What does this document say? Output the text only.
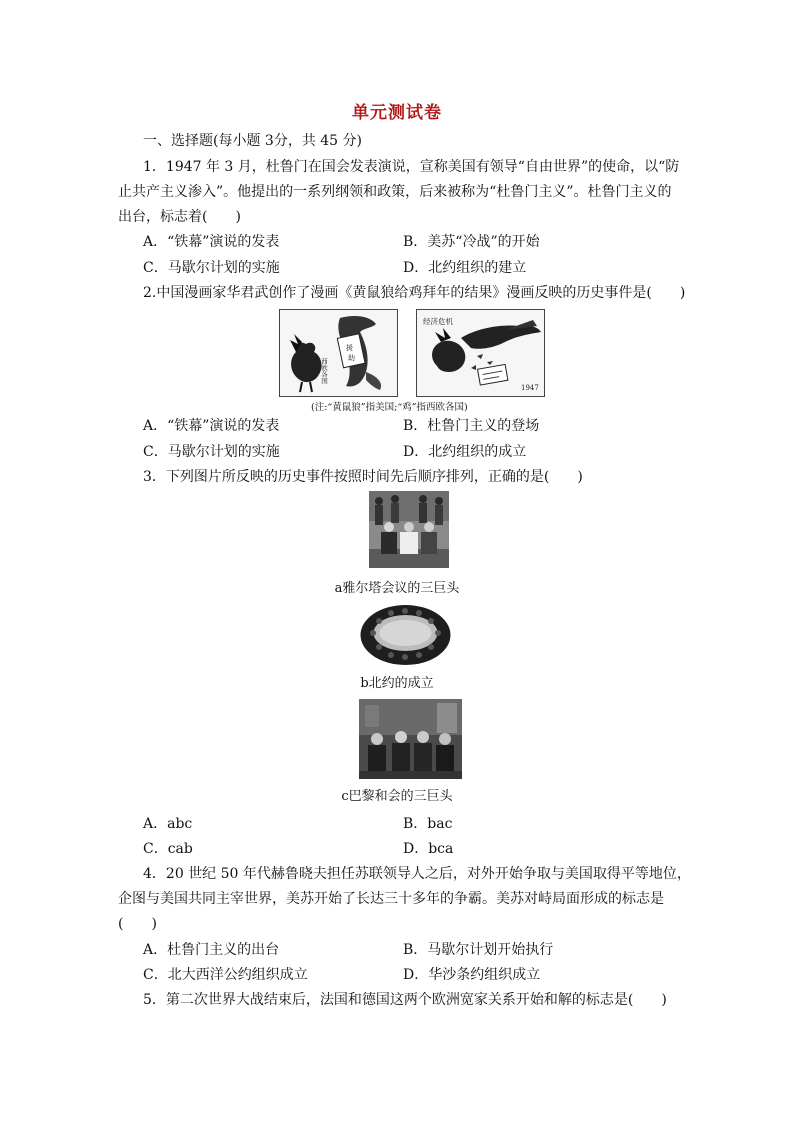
单元测试卷
一、选择题(每小题 3分，共 45 分)
1．1947 年 3 月，杜鲁门在国会发表演说，宣称美国有领导“自由世界”的使命，以“防
止共产主义渗入”。他提出的一系列纲领和政策，后来被称为“杜鲁门主义”。杜鲁门主义的
出台，标志着(　　)
A．“铁幕”演说的发表	B．美苏“冷战”的开始
C．马歇尔计划的实施	D．北约组织的建立
2.中国漫画家华君武创作了漫画《黄鼠狼给鸡拜年的结果》漫画反映的历史事件是(　　)
援
助
西欧各国
经济危机
1947
(注:“黄鼠狼”指美国;“鸡”指西欧各国)
A．“铁幕”演说的发表	B．杜鲁门主义的登场
C．马歇尔计划的实施	D．北约组织的成立
3．下列图片所反映的历史事件按照时间先后顺序排列，正确的是(　　)
a雅尔塔会议的三巨头
b北约的成立
c巴黎和会的三巨头
A．abc	B．bac
C．cab	D．bca
4．20 世纪 50 年代赫鲁晓夫担任苏联领导人之后，对外开始争取与美国取得平等地位，
企图与美国共同主宰世界，美苏开始了长达三十多年的争霸。美苏对峙局面形成的标志是
(　　)
A．杜鲁门主义的出台	B．马歇尔计划开始执行
C．北大西洋公约组织成立	D．华沙条约组织成立
5．第二次世界大战结束后，法国和德国这两个欧洲宽家关系开始和解的标志是(　　)
